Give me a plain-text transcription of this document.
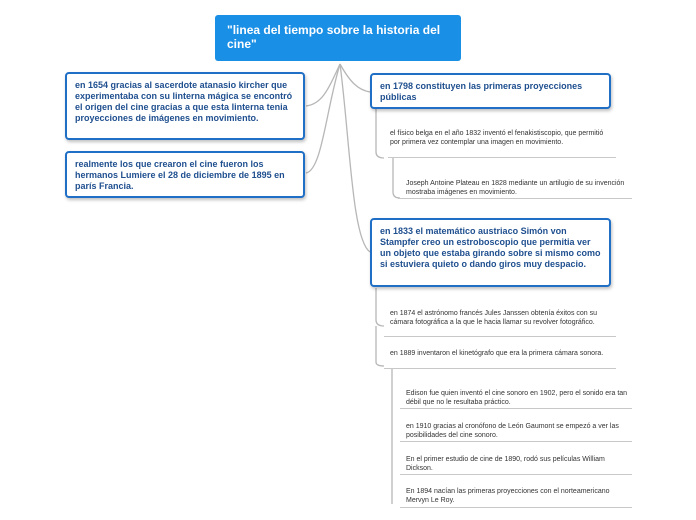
"linea del tiempo sobre la historia del cine"
en 1654 gracias al sacerdote atanasio kircher que experimentaba con su linterna mágica se encontró el origen del cine gracias a que esta linterna tenia proyecciones de imágenes en movimiento.
realmente los que crearon el cine fueron los hermanos Lumiere el 28 de diciembre de 1895 en parís Francia.
en 1798 constituyen las primeras proyecciones públicas
el físico belga en el año 1832 inventó el fenakistiscopio, que permitió por primera vez contemplar una imagen en movimiento.
Joseph Antoine Plateau en 1828 mediante un artilugio de su invención mostraba imágenes en movimiento.
en 1833 el matemático austriaco Simón von Stampfer creo un estroboscopio que permitia ver un objeto que estaba girando sobre si mismo como si estuviera quieto o dando giros muy despacio.
en 1874 el astrónomo francés Jules Janssen obtenía éxitos con su cámara fotográfica a la que le hacia llamar su revolver fotográfico.
en 1889 inventaron el kinetógrafo que era la primera cámara sonora.
Edison fue quien inventó el cine sonoro en 1902, pero el sonido era tan débil que no le resultaba práctico.
en 1910 gracias al cronófono de León Gaumont se empezó a ver las posibilidades del cine sonoro.
En el primer estudio de cine de 1890, rodó sus películas William Dickson.
En 1894 nacían las primeras proyecciones con el norteamericano Mervyn Le Roy.
